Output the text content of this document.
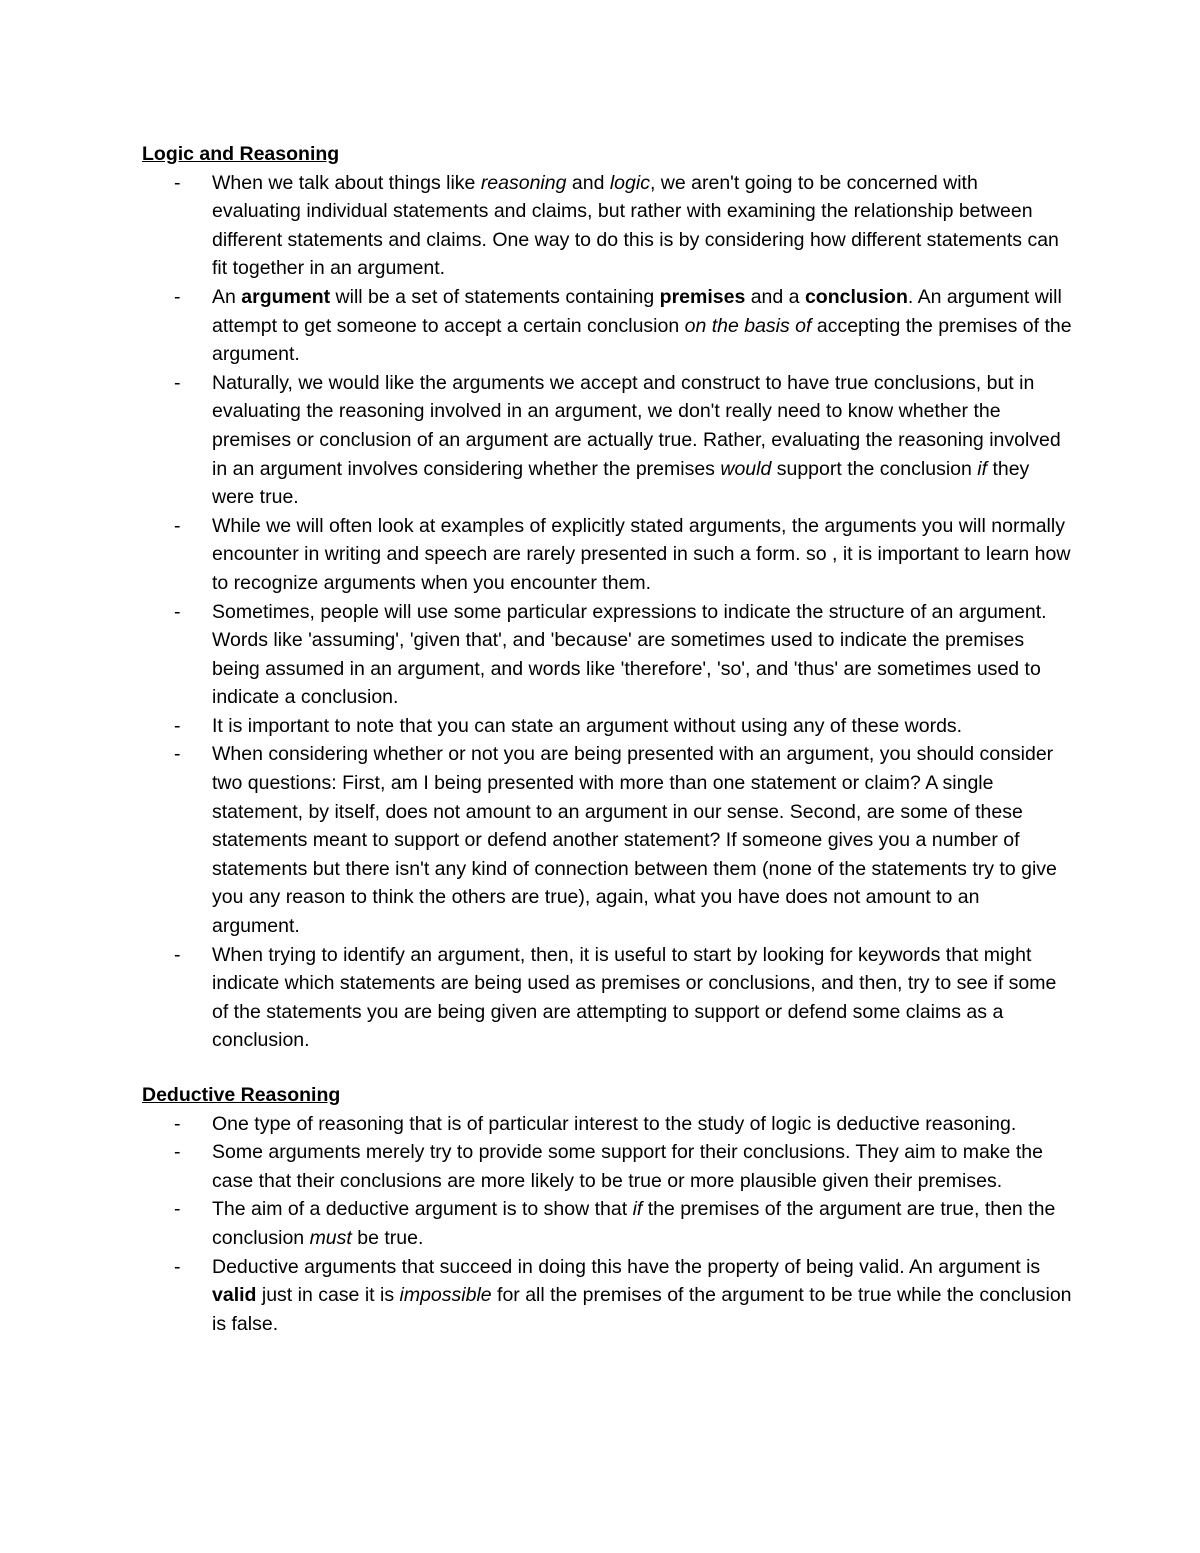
Logic and Reasoning
- When we talk about things like reasoning and logic, we aren't going to be concerned with evaluating individual statements and claims, but rather with examining the relationship between different statements and claims. One way to do this is by considering how different statements can fit together in an argument.
- An argument will be a set of statements containing premises and a conclusion. An argument will attempt to get someone to accept a certain conclusion on the basis of accepting the premises of the argument.
- Naturally, we would like the arguments we accept and construct to have true conclusions, but in evaluating the reasoning involved in an argument, we don't really need to know whether the premises or conclusion of an argument are actually true. Rather, evaluating the reasoning involved in an argument involves considering whether the premises would support the conclusion if they were true.
- While we will often look at examples of explicitly stated arguments, the arguments you will normally encounter in writing and speech are rarely presented in such a form. so , it is important to learn how to recognize arguments when you encounter them.
- Sometimes, people will use some particular expressions to indicate the structure of an argument. Words like 'assuming', 'given that', and 'because' are sometimes used to indicate the premises being assumed in an argument, and words like 'therefore', 'so', and 'thus' are sometimes used to indicate a conclusion.
- It is important to note that you can state an argument without using any of these words.
- When considering whether or not you are being presented with an argument, you should consider two questions: First, am I being presented with more than one statement or claim? A single statement, by itself, does not amount to an argument in our sense. Second, are some of these statements meant to support or defend another statement? If someone gives you a number of statements but there isn't any kind of connection between them (none of the statements try to give you any reason to think the others are true), again, what you have does not amount to an argument.
- When trying to identify an argument, then, it is useful to start by looking for keywords that might indicate which statements are being used as premises or conclusions, and then, try to see if some of the statements you are being given are attempting to support or defend some claims as a conclusion.
Deductive Reasoning
- One type of reasoning that is of particular interest to the study of logic is deductive reasoning.
- Some arguments merely try to provide some support for their conclusions. They aim to make the case that their conclusions are more likely to be true or more plausible given their premises.
- The aim of a deductive argument is to show that if the premises of the argument are true, then the conclusion must be true.
- Deductive arguments that succeed in doing this have the property of being valid. An argument is valid just in case it is impossible for all the premises of the argument to be true while the conclusion is false.
